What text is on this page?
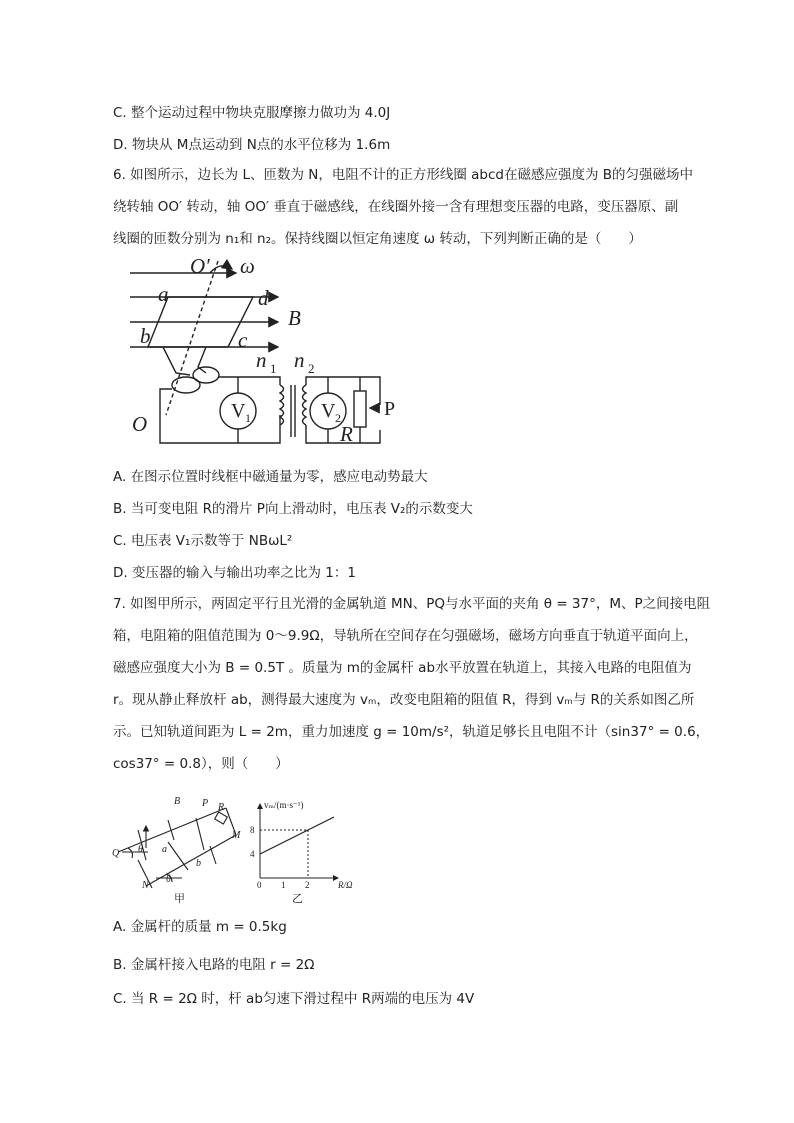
C. 整个运动过程中物块克服摩擦力做功为 4.0J
D. 物块从 M点运动到 N点的水平位移为 1.6m
6. 如图所示，边长为 L、匝数为 N，电阻不计的正方形线圈 abcd在磁感应强度为 B的匀强磁场中
绕转轴 OO′ 转动，轴 OO′ 垂直于磁感线，在线圈外接一含有理想变压器的电路，变压器原、副
线圈的匝数分别为 n₁和 n₂。保持线圈以恒定角速度 ω 转动，下列判断正确的是（　　）
O′ ω
a	d
B
b	c
O
n 1 n 2
R
V 1	V 2 P
A. 在图示位置时线框中磁通量为零，感应电动势最大
B. 当可变电阻 R的滑片 P向上滑动时，电压表 V₂的示数变大
C. 电压表 V₁示数等于 NBωL²
D. 变压器的输入与输出功率之比为 1：1
7. 如图甲所示，两固定平行且光滑的金属轨道 MN、PQ与水平面的夹角 θ = 37°，M、P之间接电阻
箱，电阻箱的阻值范围为 0～9.9Ω，导轨所在空间存在匀强磁场，磁场方向垂直于轨道平面向上，
磁感应强度大小为 B = 0.5T 。质量为 m的金属杆 ab水平放置在轨道上，其接入电路的电阻值为
r。现从静止释放杆 ab，测得最大速度为 vₘ，改变电阻箱的阻值 R，得到 vₘ与 R的关系如图乙所
示。已知轨道间距为 L = 2m，重力加速度 g = 10m/s²，轨道足够长且电阻不计（sin37° = 0.6，
cos37° = 0.8），则（　　）
B P R
M
a
Q θ
b
N
θ
甲
vₘ/(m·s⁻¹)
R/Ω
4
8
0 1 2
乙
A. 金属杆的质量 m = 0.5kg
B. 金属杆接入电路的电阻 r = 2Ω
C. 当 R = 2Ω 时，杆 ab匀速下滑过程中 R两端的电压为 4V
